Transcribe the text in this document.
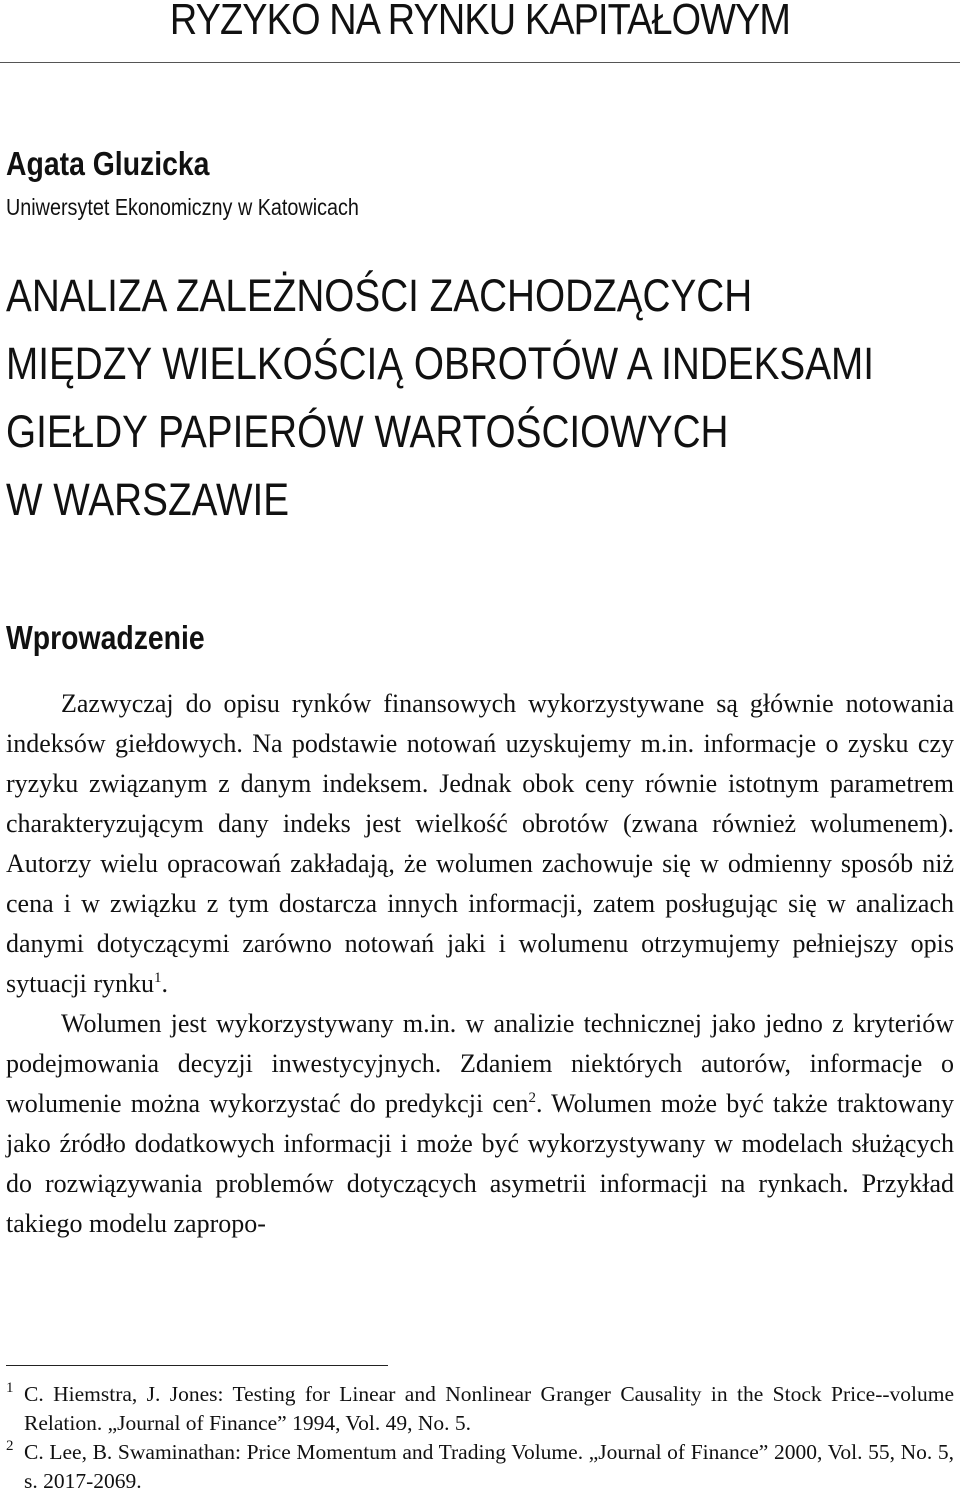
RYZYKO NA RYNKU KAPITAŁOWYM
Agata Gluzicka
Uniwersytet Ekonomiczny w Katowicach
ANALIZA ZALEŻNOŚCI ZACHODZĄCYCH
MIĘDZY WIELKOŚCIĄ OBROTÓW A INDEKSAMI
GIEŁDY PAPIERÓW WARTOŚCIOWYCH
W WARSZAWIE
Wprowadzenie

Zazwyczaj do opisu rynków finansowych wykorzystywane są głównie notowania indeksów giełdowych. Na podstawie notowań uzyskujemy m.in. informacje o zysku czy ryzyku związanym z danym indeksem. Jednak obok ceny równie istotnym parametrem charakteryzującym dany indeks jest wielkość obrotów (zwana również wolumenem). Autorzy wielu opracowań zakładają, że wolumen zachowuje się w odmienny sposób niż cena i w związku z tym dostarcza innych informacji, zatem posługując się w analizach danymi dotyczącymi zarówno notowań jaki i wolumenu otrzymujemy pełniejszy opis sytuacji rynku$^1$.

Wolumen jest wykorzystywany m.in. w analizie technicznej jako jedno z kryteriów podejmowania decyzji inwestycyjnych. Zdaniem niektórych autorów, informacje o wolumenie można wykorzystać do predykcji cen$^2$. Wolumen może być także traktowany jako źródło dodatkowych informacji i może być wykorzystywany w modelach służących do rozwiązywania problemów dotyczących asymetrii informacji na rynkach. Przykład takiego modelu zapropo-

1 C. Hiemstra, J. Jones: Testing for Linear and Nonlinear Granger Causality in the Stock Price--volume Relation. „Journal of Finance” 1994, Vol. 49, No. 5.

2 C. Lee, B. Swaminathan: Price Momentum and Trading Volume. „Journal of Finance” 2000, Vol. 55, No. 5, s. 2017-2069.
